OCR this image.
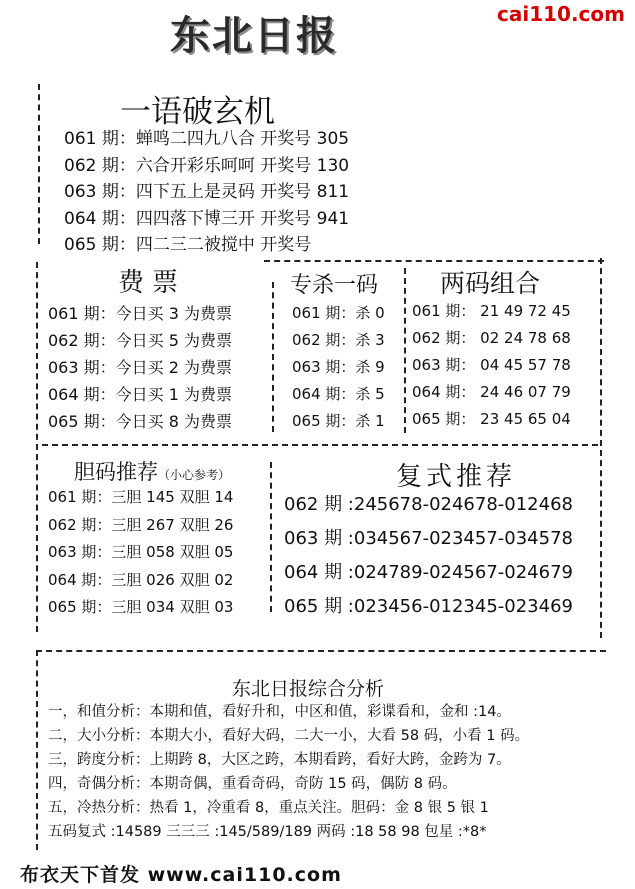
东北日报	cai110.com
一语破玄机
061 期：蝉鸣二四九八合 开奖号 305
062 期：六合开彩乐呵呵 开奖号 130
063 期：四下五上是灵码 开奖号 811
064 期：四四落下博三开 开奖号 941
065 期：四二三二被搅中 开奖号
费票
061 期：今日买 3 为费票
062 期：今日买 5 为费票
063 期：今日买 2 为费票
064 期：今日买 1 为费票
065 期：今日买 8 为费票
专杀一码
061 期：杀 0
062 期：杀 3
063 期：杀 9
064 期：杀 5
065 期：杀 1
两码组合
061 期： 21 49 72 45
062 期： 02 24 78 68
063 期： 04 45 57 78
064 期： 24 46 07 79
065 期： 23 45 65 04
胆码推荐（小心参考）
061 期：三胆 145 双胆 14
062 期：三胆 267 双胆 26
063 期：三胆 058 双胆 05
064 期：三胆 026 双胆 02
065 期：三胆 034 双胆 03
复式推荐
062 期 :245678-024678-012468
063 期 :034567-023457-034578
064 期 :024789-024567-024679
065 期 :023456-012345-023469
东北日报综合分析
一，和值分析：本期和值，看好升和，中区和值，彩谍看和，金和 :14。
二，大小分析：本期大小，看好大码，二大一小，大看 58 码，小看 1 码。
三，跨度分析：上期跨 8，大区之跨，本期看跨，看好大跨，金跨为 7。
四，奇偶分析：本期奇偶，重看奇码，奇防 15 码，偶防 8 码。
五，冷热分析：热看 1，冷重看 8，重点关注。胆码：金 8 银 5 银 1
五码复式 :14589 三三三 :145/589/189 两码 :18 58 98 包星 :*8*
布衣天下首发 www.cai110.com
